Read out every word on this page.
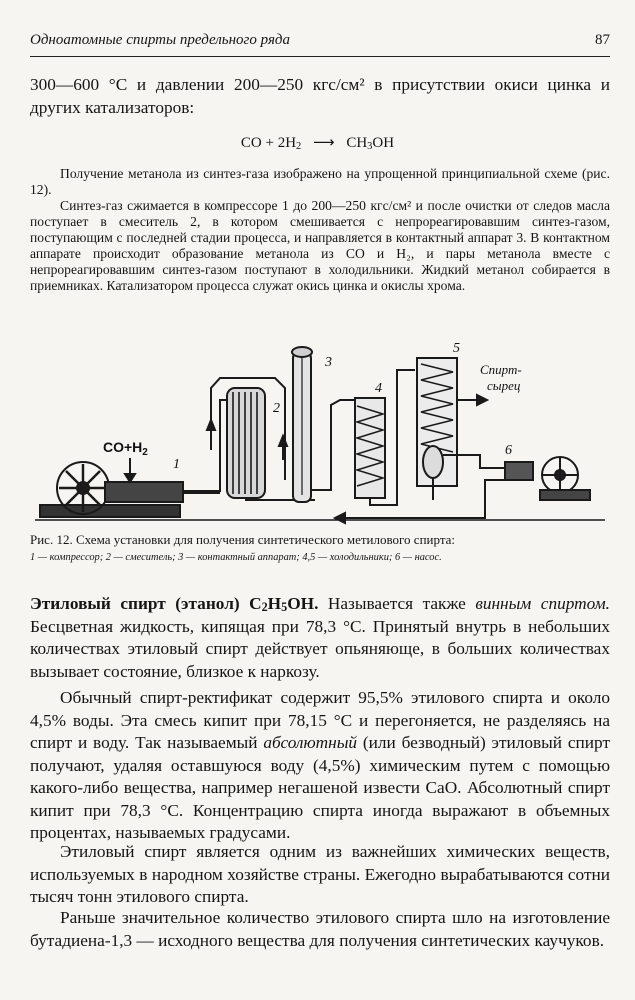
Одноатомные спирты предельного ряда	87

300—600 °С и давлении 200—250 кгс/см² в присутствии окиси цинка и других катализаторов:

CO + $2H_2$ ⟶ $CH_3OH$

Получение метанола из синтез-газа изображено на упрощенной принципиальной схеме (рис. 12).

Синтез-газ сжимается в компрессоре 1 до 200—250 кгс/см² и после очистки от следов масла поступает в смеситель 2, в котором смешивается с непрореагировавшим синтез-газом, поступающим с последней стадии процесса, и направляется в контактный аппарат 3. В контактном аппарате происходит образование метанола из СО и Н₂, и пары метанола вместе с непрореагировавшим синтез-газом поступают в холодильники. Жидкий метанол собирается в приемниках. Катализатором процесса служат окись цинка и окислы хрома.

1
2
3
4
5
6
Спирт-
сырец
$CO+H_2$
Рис. 12. Схема установки для получения синтетического метилового спирта:
1 — компрессор; 2 — смеситель; 3 — контактный аппарат; 4,5 — холодильники; 6 — насос.

Этиловый спирт (этанол) $C_2H_5OH$. Называется также винным спиртом. Бесцветная жидкость, кипящая при 78,3 °С. Принятый внутрь в небольших количествах этиловый спирт действует опьяняюще, в больших количествах вызывает состояние, близкое к наркозу.

Обычный спирт-ректификат содержит 95,5% этилового спирта и около 4,5% воды. Эта смесь кипит при 78,15 °С и перегоняется, не разделяясь на спирт и воду. Так называемый абсолютный (или безводный) этиловый спирт получают, удаляя оставшуюся воду (4,5%) химическим путем с помощью какого-либо вещества, например негашеной извести СаО. Абсолютный спирт кипит при 78,3 °С. Концентрацию спирта иногда выражают в объемных процентах, называемых градусами.

Этиловый спирт является одним из важнейших химических веществ, используемых в народном хозяйстве страны. Ежегодно вырабатываются сотни тысяч тонн этилового спирта.

Раньше значительное количество этилового спирта шло на изготовление бутадиена-1,3 — исходного вещества для получения синтетических каучуков.
